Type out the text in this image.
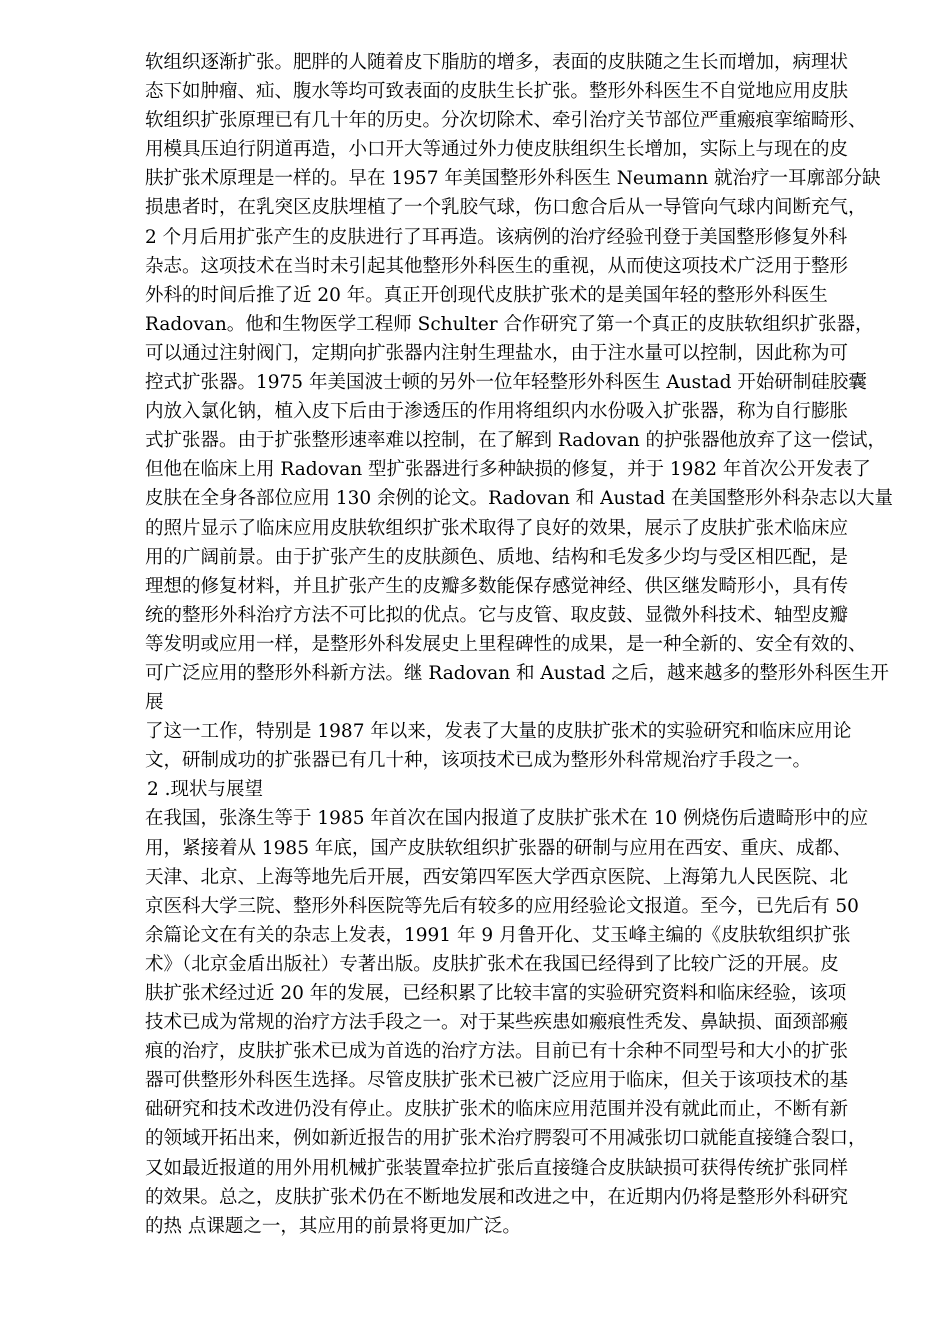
软组织逐渐扩张。肥胖的人随着皮下脂肪的增多，表面的皮肤随之生长而增加，病理状
态下如肿瘤、疝、腹水等均可致表面的皮肤生长扩张。整形外科医生不自觉地应用皮肤
软组织扩张原理已有几十年的历史。分次切除术、牵引治疗关节部位严重瘢痕挛缩畸形、
用模具压迫行阴道再造，小口开大等通过外力使皮肤组织生长增加，实际上与现在的皮
肤扩张术原理是一样的。早在 1957 年美国整形外科医生 Neumann 就治疗一耳廓部分缺
损患者时，在乳突区皮肤埋植了一个乳胶气球，伤口愈合后从一导管向气球内间断充气，
2 个月后用扩张产生的皮肤进行了耳再造。该病例的治疗经验刊登于美国整形修复外科
杂志。这项技术在当时未引起其他整形外科医生的重视，从而使这项技术广泛用于整形
外科的时间后推了近 20 年。真正开创现代皮肤扩张术的是美国年轻的整形外科医生
Radovan。他和生物医学工程师 Schulter 合作研究了第一个真正的皮肤软组织扩张器，
可以通过注射阀门，定期向扩张器内注射生理盐水，由于注水量可以控制，因此称为可
控式扩张器。1975 年美国波士顿的另外一位年轻整形外科医生 Austad 开始研制硅胶囊
内放入氯化钠，植入皮下后由于渗透压的作用将组织内水份吸入扩张器，称为自行膨胀
式扩张器。由于扩张整形速率难以控制，在了解到 Radovan 的护张器他放弃了这一偿试，
但他在临床上用 Radovan 型扩张器进行多种缺损的修复，并于 1982 年首次公开发表了
皮肤在全身各部位应用 130 余例的论文。Radovan 和 Austad 在美国整形外科杂志以大量
的照片显示了临床应用皮肤软组织扩张术取得了良好的效果，展示了皮肤扩张术临床应
用的广阔前景。由于扩张产生的皮肤颜色、质地、结构和毛发多少均与受区相匹配，是
理想的修复材料，并且扩张产生的皮瓣多数能保存感觉神经、供区继发畸形小，具有传
统的整形外科治疗方法不可比拟的优点。它与皮管、取皮鼓、显微外科技术、轴型皮瓣
等发明或应用一样，是整形外科发展史上里程碑性的成果，是一种全新的、安全有效的、
可广泛应用的整形外科新方法。继 Radovan 和 Austad 之后，越来越多的整形外科医生开
展
了这一工作，特别是 1987 年以来，发表了大量的皮肤扩张术的实验研究和临床应用论
文，研制成功的扩张器已有几十种，该项技术已成为整形外科常规治疗手段之一。
2 .现状与展望
在我国，张涤生等于 1985 年首次在国内报道了皮肤扩张术在 10 例烧伤后遗畸形中的应
用，紧接着从 1985 年底，国产皮肤软组织扩张器的研制与应用在西安、重庆、成都、
天津、北京、上海等地先后开展，西安第四军医大学西京医院、上海第九人民医院、北
京医科大学三院、整形外科医院等先后有较多的应用经验论文报道。至今，已先后有 50
余篇论文在有关的杂志上发表，1991 年 9 月鲁开化、艾玉峰主编的《皮肤软组织扩张
术》（北京金盾出版社）专著出版。皮肤扩张术在我国已经得到了比较广泛的开展。皮
肤扩张术经过近 20 年的发展，已经积累了比较丰富的实验研究资料和临床经验，该项
技术已成为常规的治疗方法手段之一。对于某些疾患如瘢痕性秃发、鼻缺损、面颈部瘢
痕的治疗，皮肤扩张术已成为首选的治疗方法。目前已有十余种不同型号和大小的扩张
器可供整形外科医生选择。尽管皮肤扩张术已被广泛应用于临床，但关于该项技术的基
础研究和技术改进仍没有停止。皮肤扩张术的临床应用范围并没有就此而止，不断有新
的领域开拓出来，例如新近报告的用扩张术治疗腭裂可不用减张切口就能直接缝合裂口，
又如最近报道的用外用机械扩张装置牵拉扩张后直接缝合皮肤缺损可获得传统扩张同样
的效果。总之，皮肤扩张术仍在不断地发展和改进之中，在近期内仍将是整形外科研究
的热 点课题之一，其应用的前景将更加广泛。
